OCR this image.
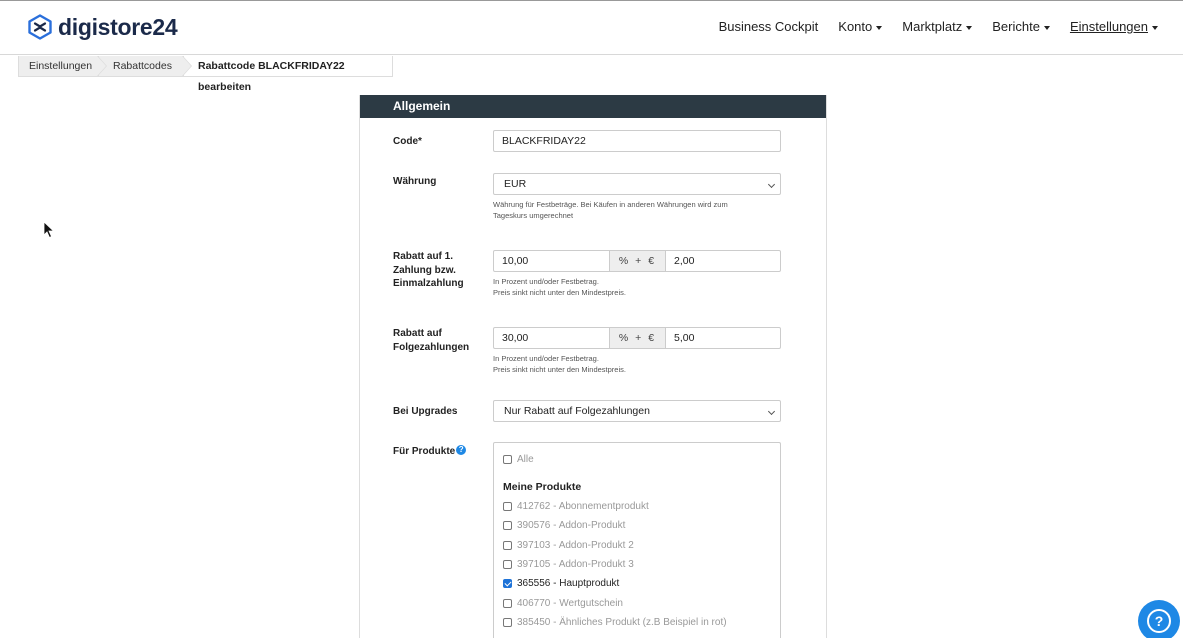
digistore24	Business Cockpit Konto Marktplatz Berichte Einstellungen
Einstellungen	Rabattcodes	Rabattcode BLACKFRIDAY22 bearbeiten
Allgemein
Code*	BLACKFRIDAY22
Währung	EUR
Währung für Festbeträge. Bei Käufen in anderen Währungen wird zum
Tageskurs umgerechnet
Rabatt auf 1.
Zahlung bzw.
Einmalzahlung
10,00	% + €	2,00
In Prozent und/oder Festbetrag.
Preis sinkt nicht unter den Mindestpreis.
Rabatt auf
Folgezahlungen
30,00	% + €	5,00
In Prozent und/oder Festbetrag.
Preis sinkt nicht unter den Mindestpreis.
Bei Upgrades	Nur Rabatt auf Folgezahlungen
Für Produkte ?
Alle
Meine Produkte
412762 - Abonnementprodukt
390576 - Addon-Produkt
397103 - Addon-Produkt 2
397105 - Addon-Produkt 3
365556 - Hauptprodukt
406770 - Wertgutschein
385450 - Ähnliches Produkt (z.B Beispiel in rot)	?
